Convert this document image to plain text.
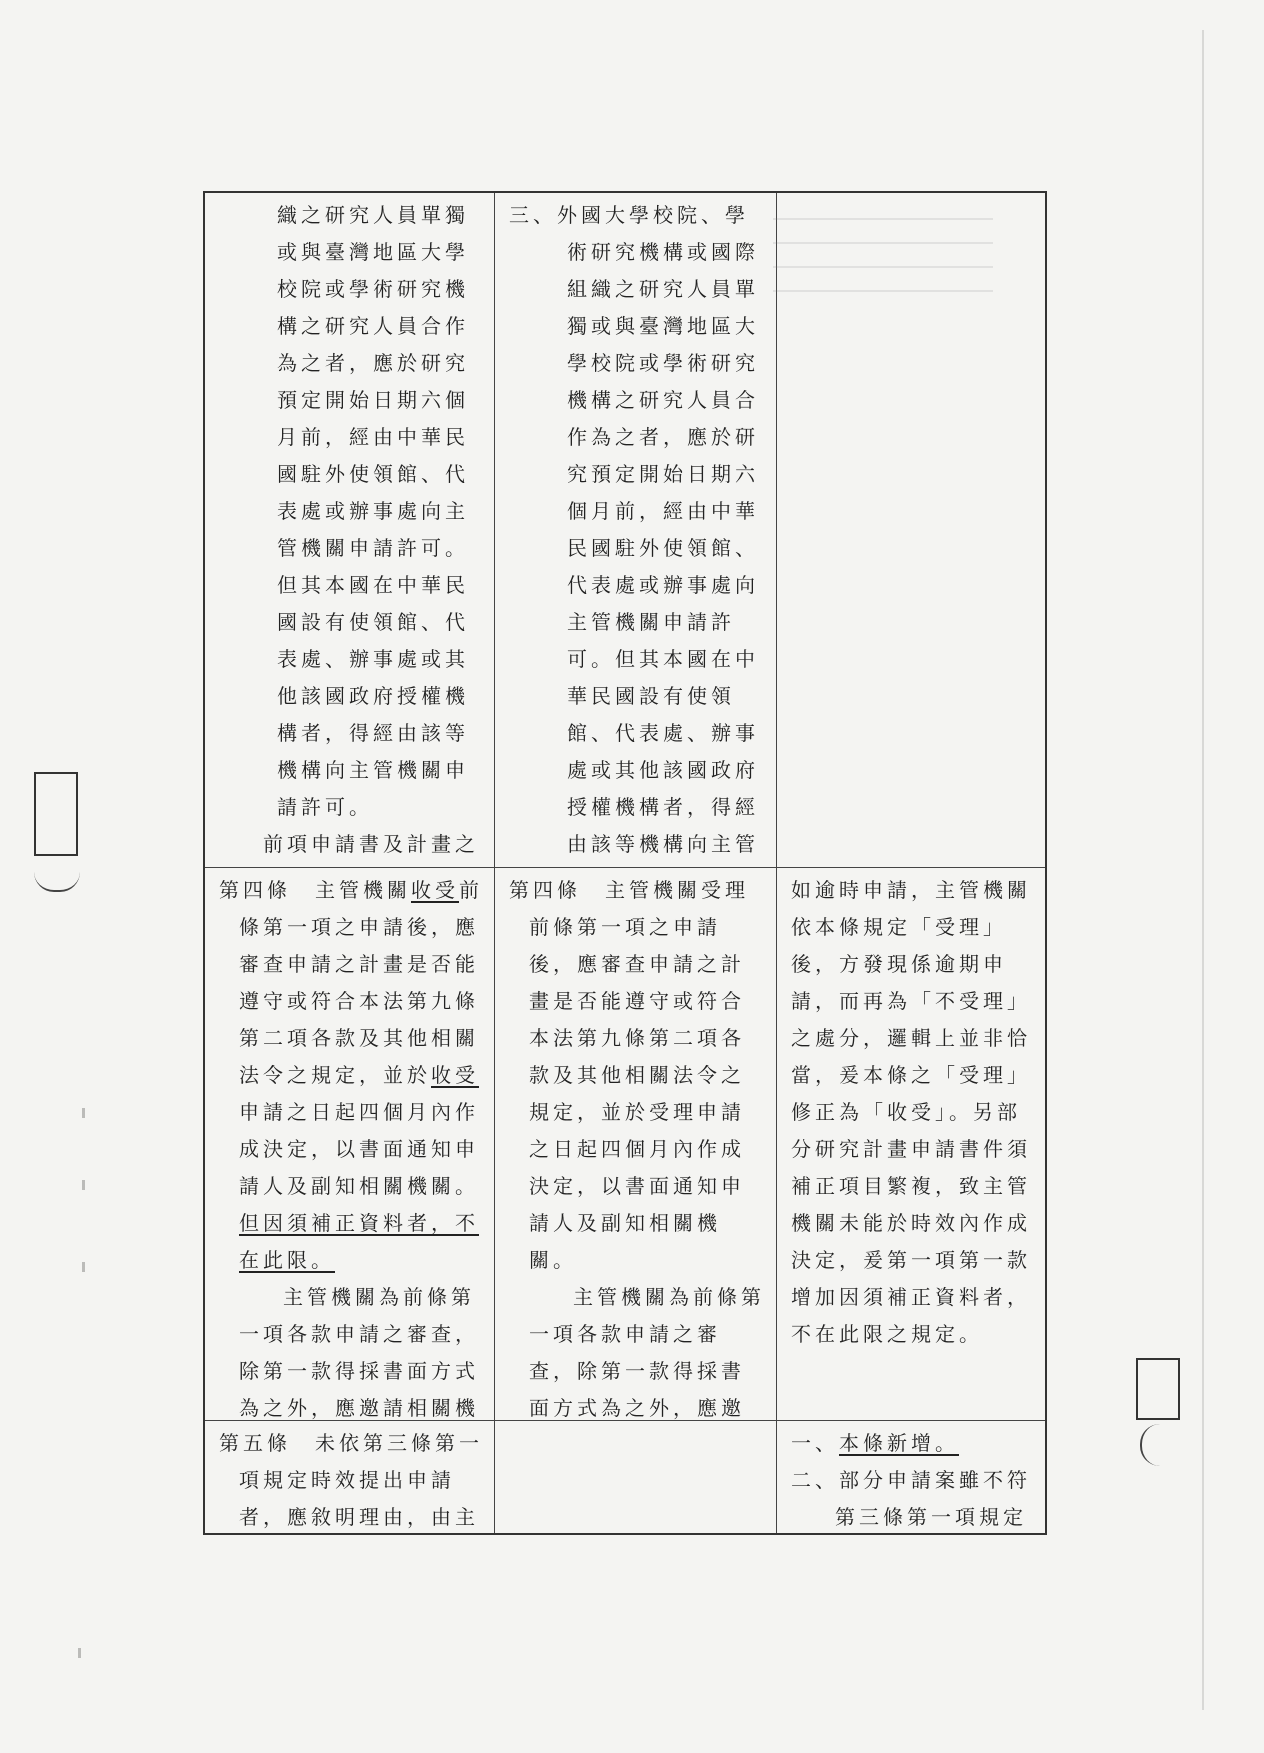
織之研究人員單獨或與臺灣地區大學校院或學術研究機構之研究人員合作為之者，應於研究預定開始日期六個月前，經由中華民國駐外使領館、代表處或辦事處向主管機關申請許可。但其本國在中華民國設有使領館、代表處、辦事處或其他該國政府授權機構者，得經由該等機構向主管機關申請許可。

前項申請書及計畫之

三、外國大學校院、學術研究機構或國際組織之研究人員單獨或與臺灣地區大學校院或學術研究機構之研究人員合作為之者，應於研究預定開始日期六個月前，經由中華民國駐外使領館、代表處或辦事處向主管機關申請許可。但其本國在中華民國設有使領館、代表處、辦事處或其他該國政府授權機構者，得經由該等機構向主管

第四條　主管機關收受前條第一項之申請後，應審查申請之計畫是否能遵守或符合本法第九條第二項各款及其他相關法令之規定，並於收受申請之日起四個月內作成決定，以書面通知申請人及副知相關機關。但因須補正資料者，不在此限。

主管機關為前條第一項各款申請之審查，除第一款得採書面方式為之外，應邀請相關機

第四條　主管機關受理前條第一項之申請後，應審查申請之計畫是否能遵守或符合本法第九條第二項各款及其他相關法令之規定，並於受理申請之日起四個月內作成決定，以書面通知申請人及副知相關機關。

主管機關為前條第一項各款申請之審查，除第一款得採書面方式為之外，應邀

如逾時申請，主管機關依本條規定「受理」後，方發現係逾期申請，而再為「不受理」之處分，邏輯上並非恰當，爰本條之「受理」修正為「收受」。另部分研究計畫申請書件須補正項目繁複，致主管機關未能於時效內作成決定，爰第一項第一款增加因須補正資料者，不在此限之規定。

第五條　未依第三條第一項規定時效提出申請者，應敘明理由，由主

一、本條新增。

二、部分申請案雖不符第三條第一項規定
